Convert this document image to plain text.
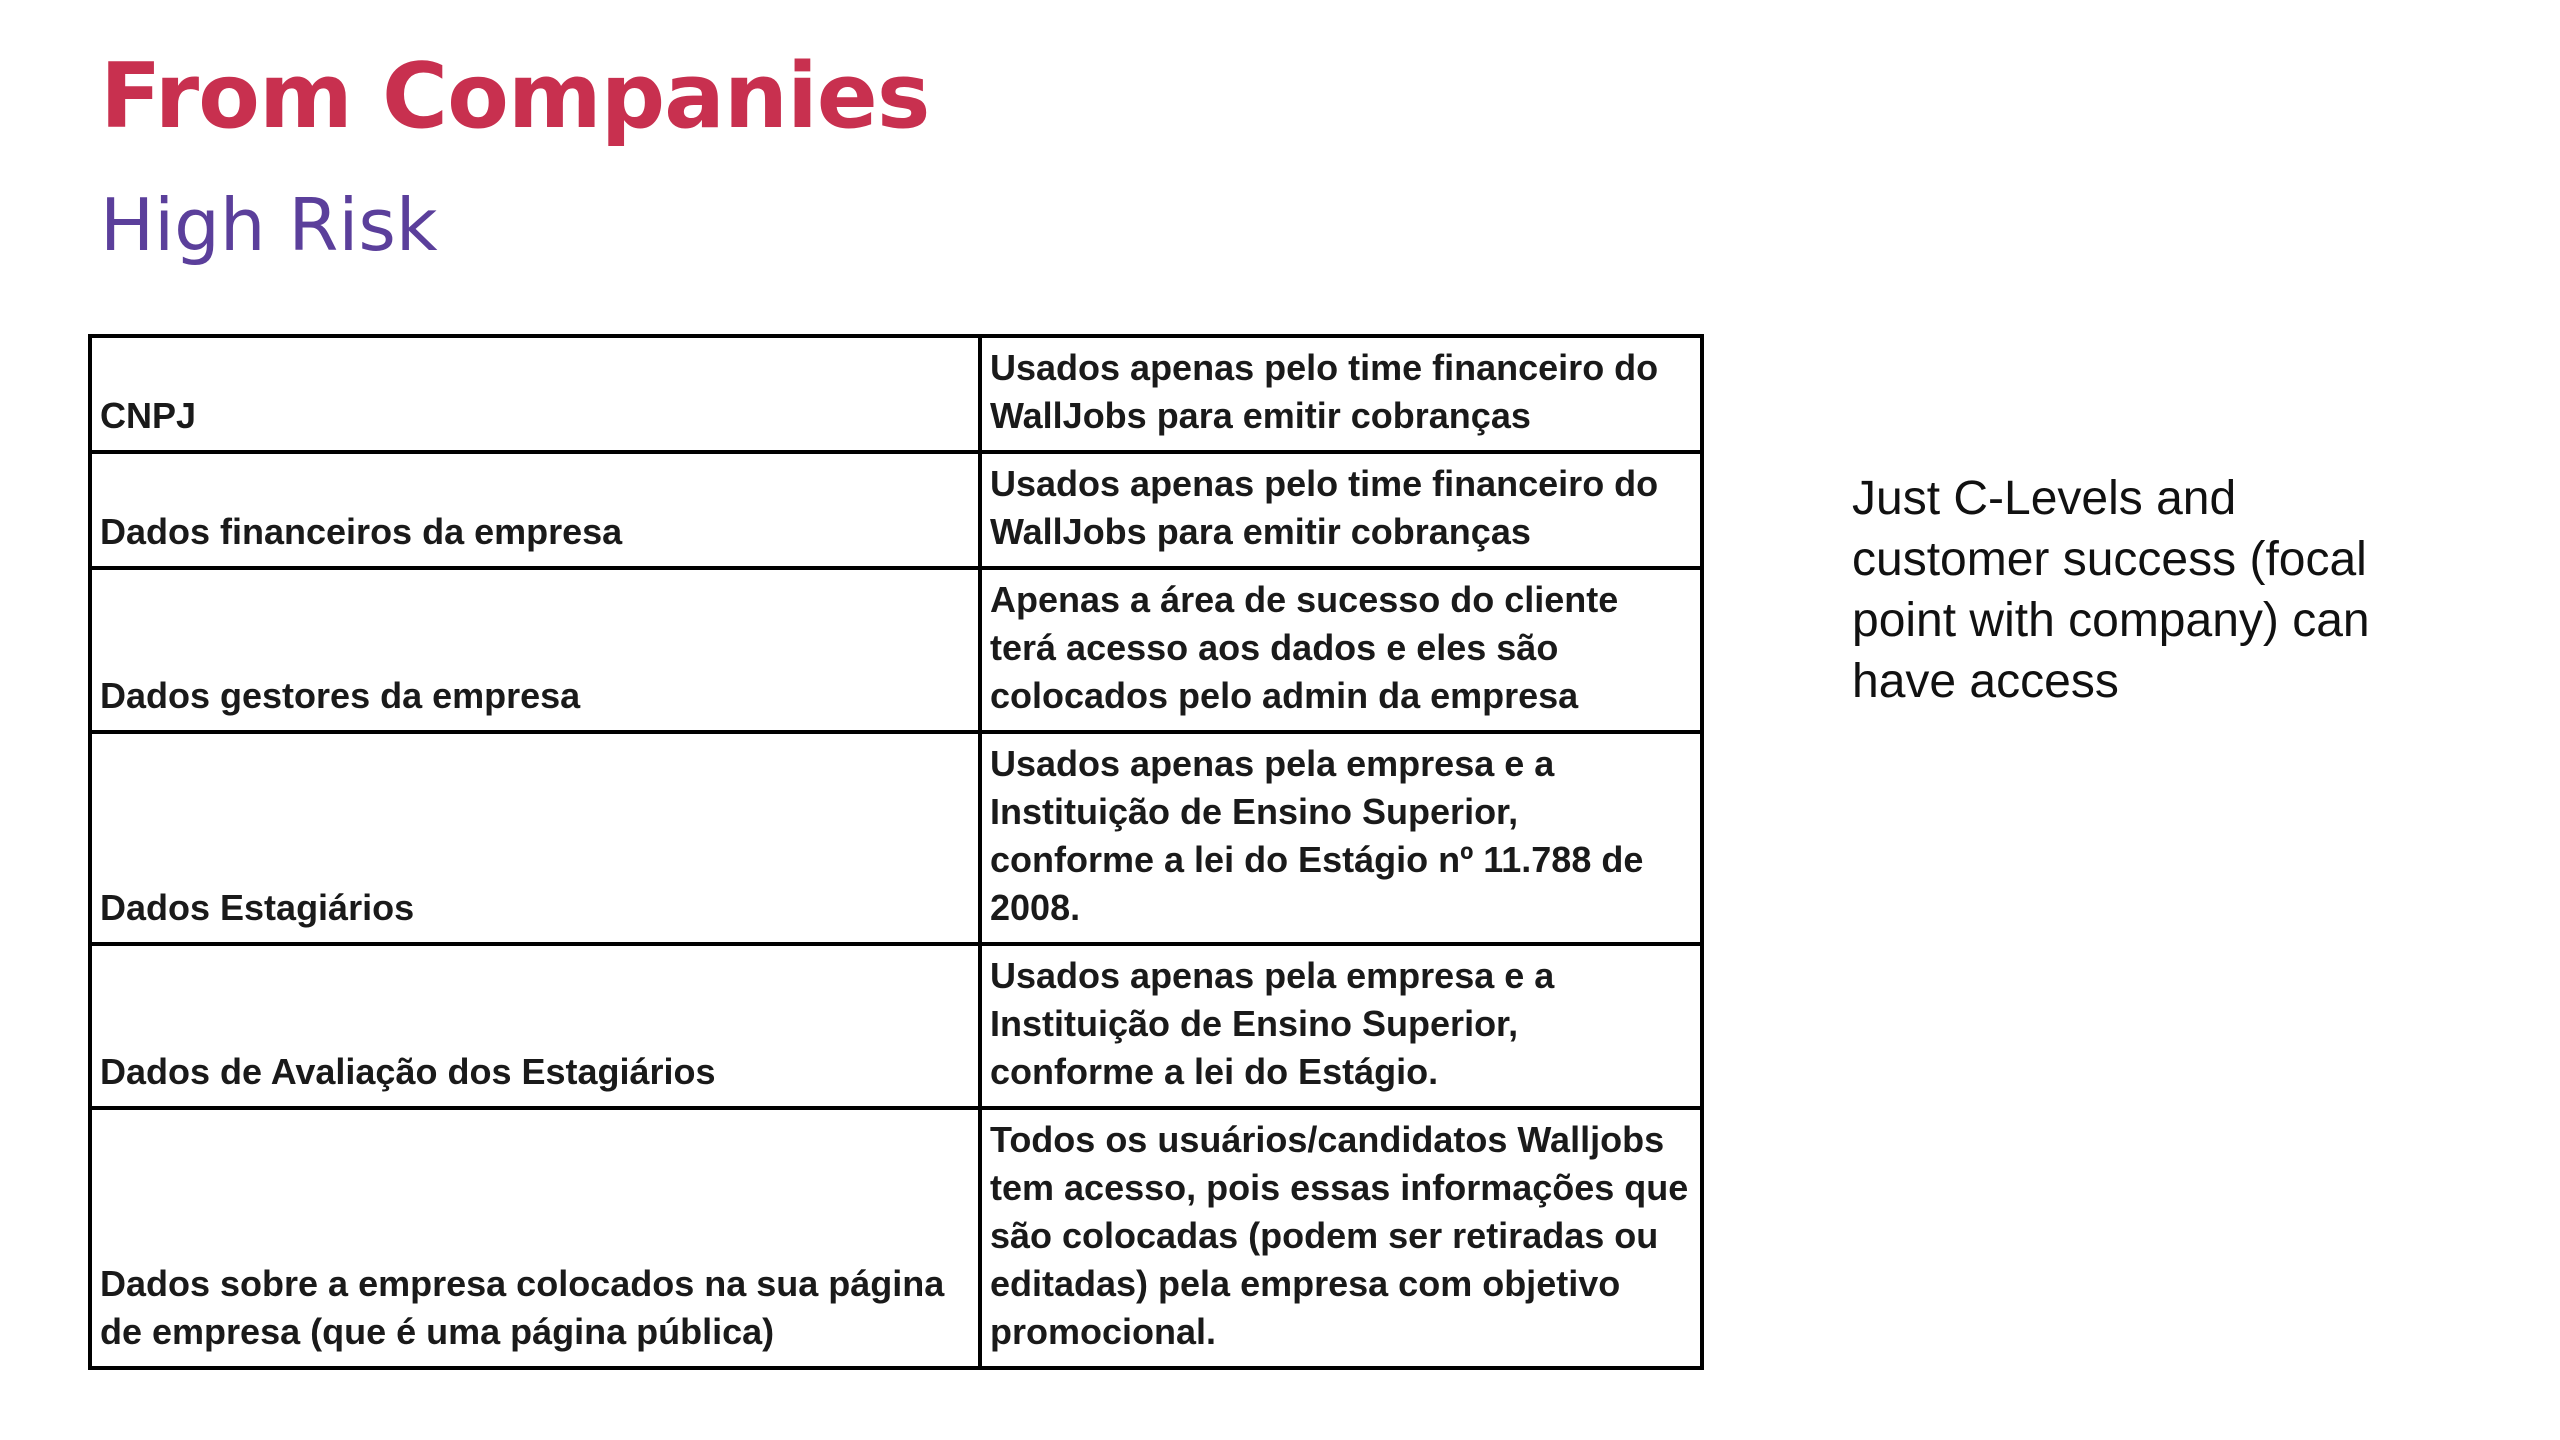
From Companies
High Risk
CNPJ	Usados apenas pelo time financeiro do WallJobs para emitir cobranças
Dados financeiros da empresa	Usados apenas pelo time financeiro do WallJobs para emitir cobranças
Dados gestores da empresa	Apenas a área de sucesso do cliente terá acesso aos dados e eles são colocados pelo admin da empresa
Dados Estagiários	Usados apenas pela empresa e a Instituição de Ensino Superior, conforme a lei do Estágio nº 11.788 de 2008.
Dados de Avaliação dos Estagiários	Usados apenas pela empresa e a Instituição de Ensino Superior, conforme a lei do Estágio.
Dados sobre a empresa colocados na sua página de empresa (que é uma página pública)	Todos os usuários/candidatos Walljobs tem acesso, pois essas informações que são colocadas (podem ser retiradas ou editadas) pela empresa com objetivo promocional.

Just C-Levels and customer success (focal point with company) can have access
